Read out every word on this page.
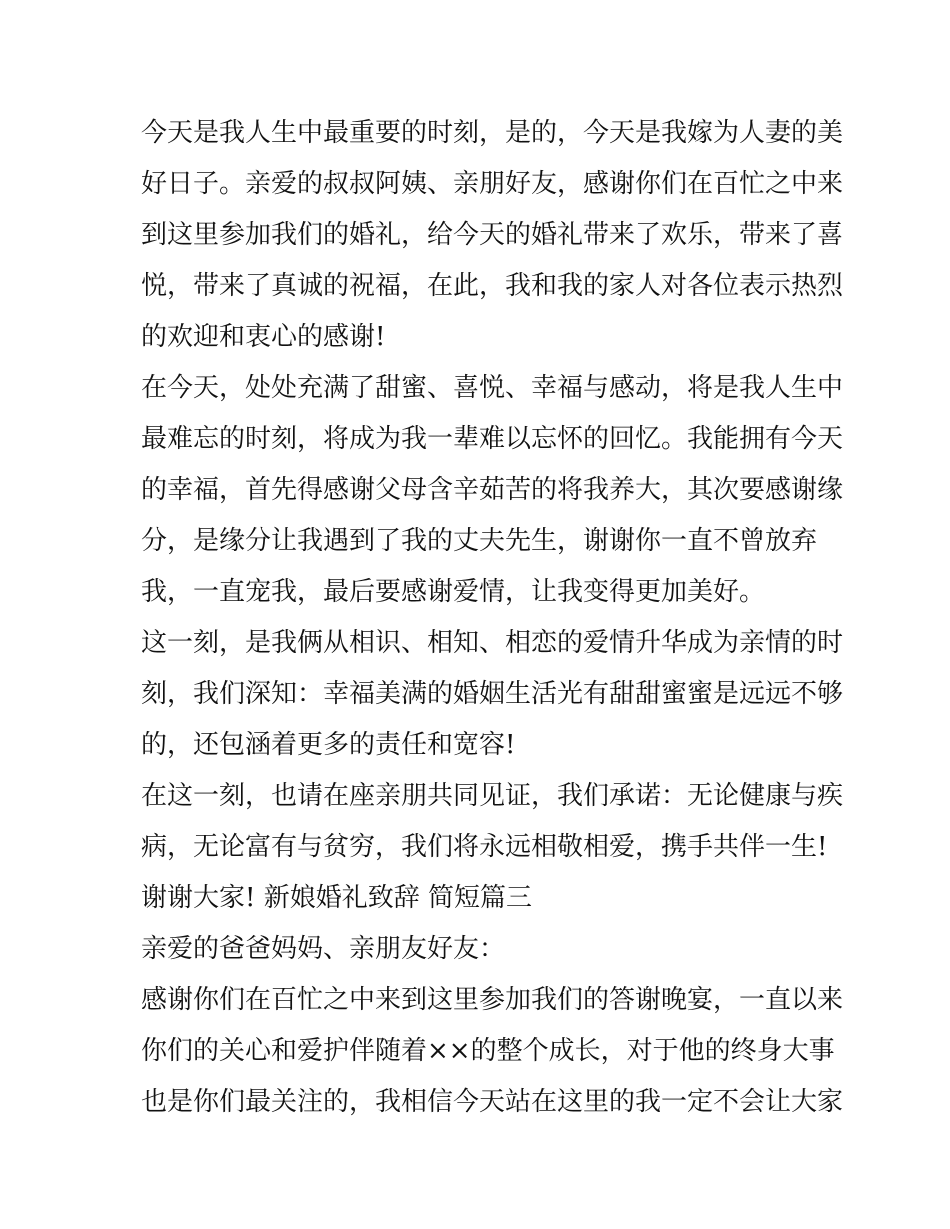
今天是我人生中最重要的时刻，是的，今天是我嫁为人妻的美
好日子。亲爱的叔叔阿姨、亲朋好友，感谢你们在百忙之中来
到这里参加我们的婚礼，给今天的婚礼带来了欢乐，带来了喜
悦，带来了真诚的祝福，在此，我和我的家人对各位表示热烈
的欢迎和衷心的感谢!
在今天，处处充满了甜蜜、喜悦、幸福与感动，将是我人生中
最难忘的时刻，将成为我一辈难以忘怀的回忆。我能拥有今天
的幸福，首先得感谢父母含辛茹苦的将我养大，其次要感谢缘
分，是缘分让我遇到了我的丈夫先生，谢谢你一直不曾放弃
我，一直宠我，最后要感谢爱情，让我变得更加美好。
这一刻，是我俩从相识、相知、相恋的爱情升华成为亲情的时
刻，我们深知：幸福美满的婚姻生活光有甜甜蜜蜜是远远不够
的，还包涵着更多的责任和宽容!
在这一刻，也请在座亲朋共同见证，我们承诺：无论健康与疾
病，无论富有与贫穷，我们将永远相敬相爱，携手共伴一生!
谢谢大家! 新娘婚礼致辞 简短篇三
亲爱的爸爸妈妈、亲朋友好友：
感谢你们在百忙之中来到这里参加我们的答谢晚宴，一直以来
你们的关心和爱护伴随着××的整个成长，对于他的终身大事
也是你们最关注的，我相信今天站在这里的我一定不会让大家
